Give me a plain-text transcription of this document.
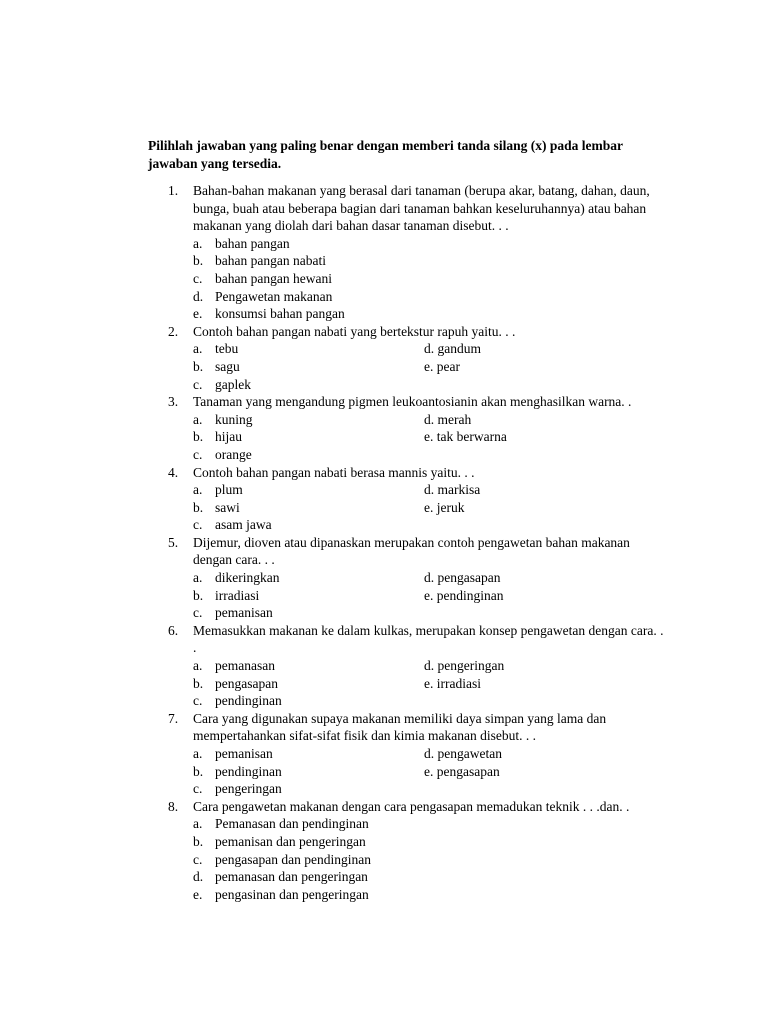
Pilihlah jawaban yang paling benar dengan memberi tanda silang (x) pada lembar jawaban yang tersedia.

1. Bahan-bahan makanan yang berasal dari tanaman (berupa akar, batang, dahan, daun, bunga, buah atau beberapa bagian dari tanaman bahkan keseluruhannya) atau bahan makanan yang diolah dari bahan dasar tanaman disebut. . .
a. bahan pangan
b. bahan pangan nabati
c. bahan pangan hewani
d. Pengawetan makanan
e. konsumsi bahan pangan
2. Contoh bahan pangan nabati yang bertekstur rapuh yaitu. . .
a. tebu	d. gandum
b. sagu	e. pear
c. gaplek
3. Tanaman yang mengandung pigmen leukoantosianin akan menghasilkan warna. .
a. kuning	d. merah
b. hijau	e. tak berwarna
c. orange
4. Contoh bahan pangan nabati berasa mannis yaitu. . .
a. plum	d. markisa
b. sawi	e. jeruk
c. asam jawa
5. Dijemur, dioven atau dipanaskan merupakan contoh pengawetan bahan makanan dengan cara. . .
a. dikeringkan	d. pengasapan
b. irradiasi	e. pendinginan
c. pemanisan
6. Memasukkan makanan ke dalam kulkas, merupakan konsep pengawetan dengan cara. . .
a. pemanasan	d. pengeringan
b. pengasapan	e. irradiasi
c. pendinginan
7. Cara yang digunakan supaya makanan memiliki daya simpan yang lama dan mempertahankan sifat-sifat fisik dan kimia makanan disebut. . .
a. pemanisan	d. pengawetan
b. pendinginan	e. pengasapan
c. pengeringan
8. Cara pengawetan makanan dengan cara pengasapan memadukan teknik . . .dan. .
a. Pemanasan dan pendinginan
b. pemanisan dan pengeringan
c. pengasapan dan pendinginan
d. pemanasan dan pengeringan
e. pengasinan dan pengeringan
